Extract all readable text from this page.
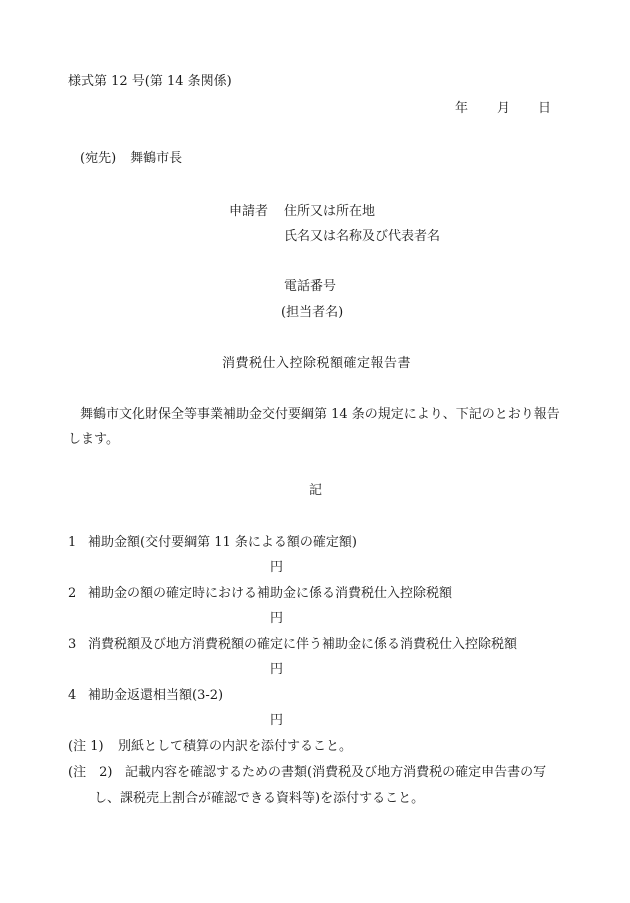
様式第 12 号(第 14 条関係)
年 月 日
(宛先) 舞鶴市長
申請者 住所又は所在地
氏名又は名称及び代表者名
電話番号
(担当者名)
消費税仕入控除税額確定報告書
舞鶴市文化財保全等事業補助金交付要綱第 14 条の規定により、下記のとおり報告
します。
記
1 補助金額(交付要綱第 11 条による額の確定額)
円
2 補助金の額の確定時における補助金に係る消費税仕入控除税額
円
3 消費税額及び地方消費税額の確定に伴う補助金に係る消費税仕入控除税額
円
4 補助金返還相当額(3-2)
円
(注 1) 別紙として積算の内訳を添付すること。
(注　2) 記載内容を確認するための書類(消費税及び地方消費税の確定申告書の写
し、課税売上割合が確認できる資料等)を添付すること。
